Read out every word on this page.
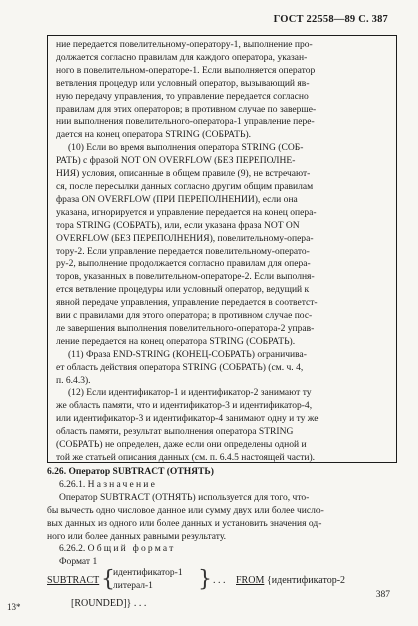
ГОСТ 22558—89 С. 387
ние передается повелительному-оператору-1, выполнение про-
должается согласно правилам для каждого оператора, указан-
ного в повелительном-операторе-1. Если выполняется оператор
ветвления процедур или условный оператор, вызывающий яв-
ную передачу управления, то управление передается согласно
правилам для этих операторов; в противном случае по заверше-
нии выполнения повелительного-оператора-1 управление пере-
дается на конец оператора STRING (СОБРАТЬ).
(10) Если во время выполнения оператора STRING (СОБ-
РАТЬ) с фразой NOT ON OVERFLOW (БЕЗ ПЕРЕПОЛНЕ-
НИЯ) условия, описанные в общем правиле (9), не встречают-
ся, после пересылки данных согласно другим общим правилам
фраза ON OVERFLOW (ПРИ ПЕРЕПОЛНЕНИИ), если она
указана, игнорируется и управление передается на конец опера-
тора STRING (СОБРАТЬ), или, если указана фраза NOT ON
OVERFLOW (БЕЗ ПЕРЕПОЛНЕНИЯ), повелительному-опера-
тору-2. Если управление передается повелительному-операто-
ру-2, выполнение продолжается согласно правилам для опера-
торов, указанных в повелительном-операторе-2. Если выполня-
ется ветвление процедуры или условный оператор, ведущий к
явной передаче управления, управление передается в соответст-
вии с правилами для этого оператора; в противном случае пос-
ле завершения выполнения повелительного-оператора-2 управ-
ление передается на конец оператора STRING (СОБРАТЬ).
(11) Фраза END-STRING (КОНЕЦ-СОБРАТЬ) ограничива-
ет область действия оператора STRING (СОБРАТЬ) (см. ч. 4,
п. 6.4.3).
(12) Если идентификатор-1 и идентификатор-2 занимают ту
же область памяти, что и идентификатор-3 и идентификатор-4,
или идентификатор-3 и идентификатор-4 занимают одну и ту же
область памяти, результат выполнения оператора STRING
(СОБРАТЬ) не определен, даже если они определены одной и
той же статьей описания данных (см. п. 6.4.5 настоящей части).
6.26. Оператор SUBTRACT (ОТНЯТЬ)
6.26.1. Назначение
Оператор SUBTRACT (ОТНЯТЬ) используется для того, что-
бы вычесть одно числовое данное или сумму двух или более число-
вых данных из одного или более данных и установить значения од-
ного или более данных равными результату.
6.26.2. Общий формат
Формат 1
SUBTRACT {
идентификатор-1
литерал-1 } . . . FROM {идентификатор-2
[ROUNDED]} . . .
13*
387
